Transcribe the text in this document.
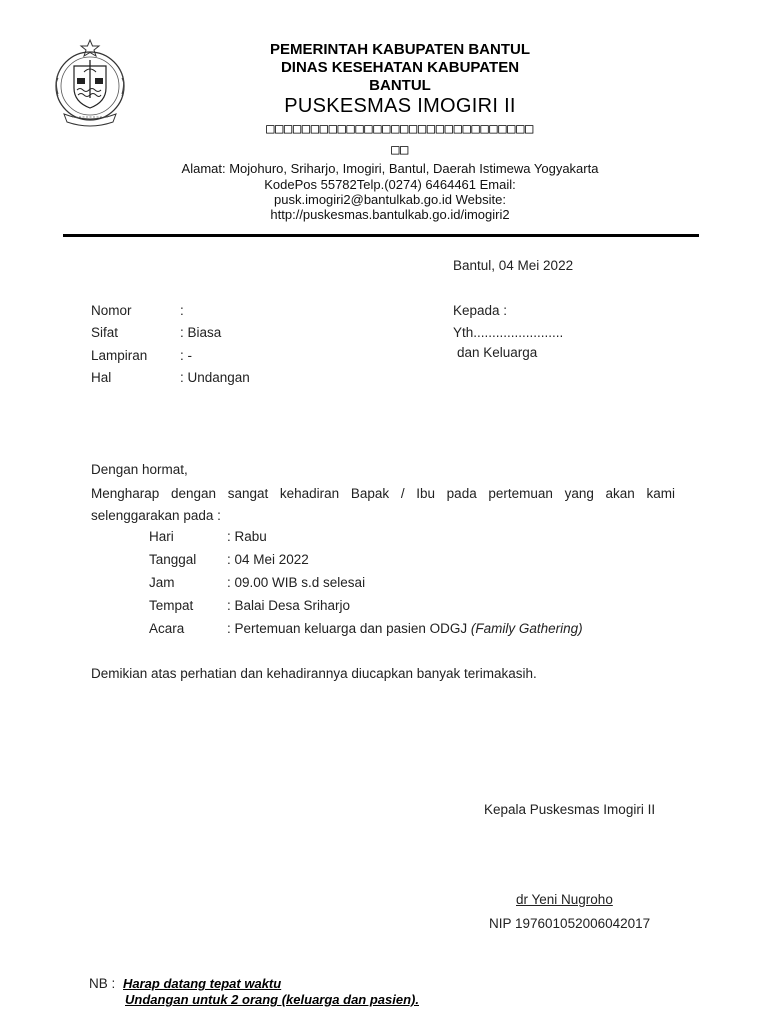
PEMERINTAH KABUPATEN BANTUL
DINAS KESEHATAN KABUPATEN
BANTUL
PUSKESMAS IMOGIRI II
□□□□□□□□□□□□□□□□□□□□□□□□□□□□□□
□□
Alamat: Mojohuro, Sriharjo, Imogiri, Bantul, Daerah Istimewa Yogyakarta
KodePos 55782Telp.(0274) 6464461 Email:
pusk.imogiri2@bantulkab.go.id Website:
http://puskesmas.bantulkab.go.id/imogiri2
Bantul, 04 Mei 2022
Nomor	:
Sifat	: Biasa
Lampiran : -
Hal	: Undangan
Kepada :
Yth........................
dan Keluarga
Dengan hormat,
Mengharap dengan sangat kehadiran Bapak / Ibu pada pertemuan yang akan kami
selenggarakan pada :
Hari	: Rabu
Tanggal : 04 Mei 2022
Jam	: 09.00 WIB s.d selesai
Tempat : Balai Desa Sriharjo
Acara	: Pertemuan keluarga dan pasien ODGJ (Family Gathering)
Demikian atas perhatian dan kehadirannya diucapkan banyak terimakasih.
Kepala Puskesmas Imogiri II
dr Yeni Nugroho
NIP 197601052006042017
NB : Harap datang tepat waktu
Undangan untuk 2 orang (keluarga dan pasien).
